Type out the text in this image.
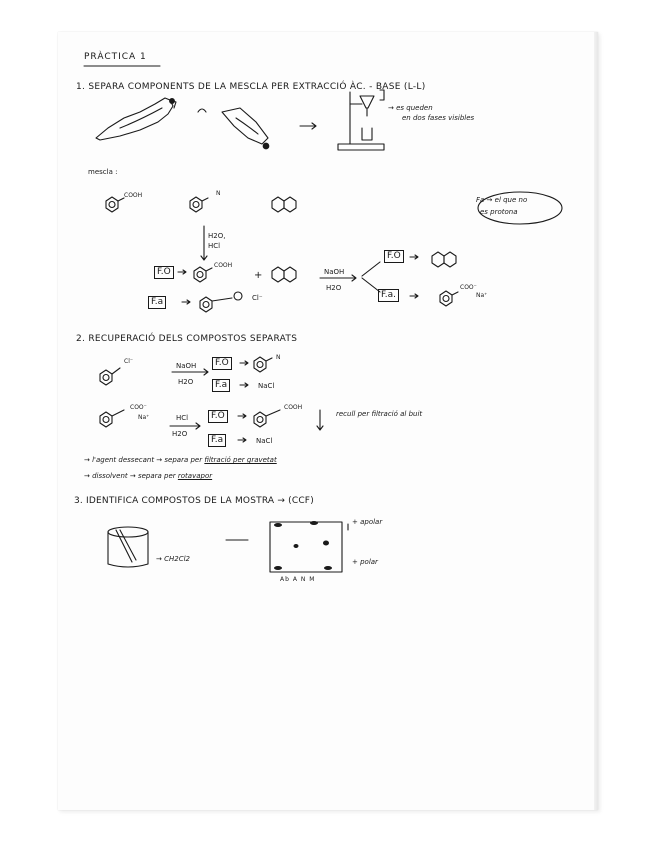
PRÀCTICA 1
1. SEPARA COMPONENTS DE LA MESCLA PER EXTRACCIÓ ÀC. - BASE (L-L)
→ es queden
en dos fases visibles
mescla :
COOH	N
Fa → el que no
es protona
H2O,
HCl
F.O
COOH
+	NaOH
H2O
F.a	Cl⁻
F.O
F.a.
COO⁻
Na⁺
2. RECUPERACIÓ DELS COMPOSTOS SEPARATS
Cl⁻
NaOH
H2O
F.O
N
F.a	NaCl
COO⁻
Na⁺	HCl
H2O
F.O
COOH
recull per filtració al buit
F.a	NaCl
→ l'agent dessecant → separa per filtració per gravetat
→ dissolvent → separa per rotavapor
3. IDENTIFICA COMPOSTOS DE LA MOSTRA → (CCF)
→ CH2Cl2
+ apolar
+ polar
Ab A N M
